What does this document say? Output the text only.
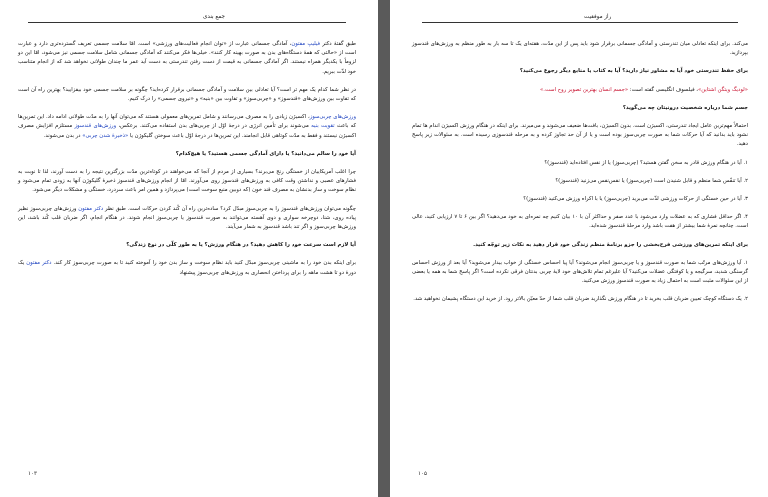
جمع بندی

طبق گفته‌ٔ دکتر فیلیپ مفتون، آمادگی جسمانی عبارت از «توان انجام فعالیت‌های ورزشی» است. امّا سلامت جسمی تعریف گسترده‌تری دارد و عبارت است از «حالتی که همهٔ دستگاه‌های بدن به صورت بهینه کار کنند». خیلی‌ها فکر می‌کنند که آمادگی جسمانی شامل سلامت جسمی نیز می‌شود، امّا این دو لزوماً با یکدیگر همراه نیستند. اگر آمادگی جسمانی به قیمت از دست رفتن تندرستی به دست آید عمر ما چندان طولانی نخواهد شد که از انجام متناسب خود لذّت ببریم.

در نظر شما کدام یک مهم تر است؟ آیا تعادلی بین سلامت و آمادگی جسمانی برقرار کرده‌اید؟ چگونه بر سلامت جسمی خود بیفزایید؟ بهترین راه آن است که تفاوت بین ورزش‌های «قندسوز» و «چربی‌سوز» و تفاوت بین «بنیه» و «نیروی جسمی» را درک کنیم.

ورزش‌های چربی‌سوز، اکسیژن زیادی را به مصرف می‌رسانند و شامل تمرین‌های معمولی هستند که می‌توان آنها را به مدّت طولانی ادامه داد. این تمرین‌ها که باعث تقویت بنیه می‌شوند برای تأمین انرژی در درجهٔ اوّل از چربی‌های بدن استفاده می‌کنند. برعکس، ورزش‌های قندسوز مستلزم افزایش مصرف اکسیژن نیستند و فقط به مدّت کوتاهی قابل انجامند. این تمرین‌ها در درجهٔ اوّل باعث سوختن گلیکوژن یا «ذخیرهٔ شدن چربی» در بدن می‌شوند.

آیا خود را سالم می‌دانید؟ یا دارای آمادگی جسمی هستید؟ یا هیچ‌کدام؟

چرا اغلب آمریکاییان از خستگی رنج می‌برند؟ بسیاری از مردم از آنجا که می‌خواهند در کوتاه‌ترین مدّت بزرگترین نتیجه را به دست آورند، لذا تا نوبت به فشارهای عصبی و نداشتن وقت کافی به ورزش‌های قندسوز روی می‌آورند. امّا از انجام ورزش‌های قندسوز ذخیرهٔ گلیکوژن آنها به زودی تمام می‌شود و نظام سوخت و ساز بدنشان به مصرف قند خون (که دوبین منبع سوخت است) می‌پردازد و همین امر باعث سردرد، خستگی و مشکلات دیگر می‌شود.

چگونه می‌توان ورزش‌های قندسوز را به چربی‌سوز مبدّل کرد؟ ساده‌ترین راه آن کُند کردن حرکات است. طبق نظر دکتر مفتون ورزش‌های چربی‌سوز نظیر پیاده روی، شنا، دوچرخه سواری و دوی آهسته می‌توانند به صورت قندسوز یا چربی‌سوز انجام شوند. در هنگام انجام، اگر ضربان قلب کُند باشد، این ورزش‌ها چربی‌سوز و اگر تند باشد قندسوز به شمار می‌آیند.

آیا لازم است سرعت خود را کاهش دهید؟ در هنگام ورزش؟ یا به طور کلّی در نوع زندگی؟

برای اینکه بدن خود را به ماشینی چربی‌سوز مبدّل کنید باید نظام سوخت و ساز بدن خود را آموخته کنید تا به صورت چربی‌سوز کار کند. دکتر مفتون یک دورهٔ دو تا هشت ماهه را برای پرداختن انحصاری به ورزش‌های چربی‌سوز پیشنهاد

۱۰۳
راز موفقیت

می‌کند. برای اینکه تعادلی میان تندرستی و آمادگی جسمانی برقرار شود باید پس از این مدّت، هفته‌ای یک تا سه بار به طور منظم به ورزش‌های قندسوز بپردازید.

برای حفظ تندرستی خود آیا به مشاور نیاز دارید؟ آیا به کتاب یا منابع دیگر رجوع می‌کنید؟

«لودیگ ویتگن اشتاین»، فیلسوف انگلیسی گفته است: «جسم انسان بهترین تصویر روح است.»

جسم شما درباره شخصیت درونیتان چه می‌گوید؟

احتمالاً مهم‌ترین عامل ایجاد تندرستی، اکسیژن است. بدون اکسیژن، بافت‌ها ضعیف می‌شوند و می‌میرند. برای اینکه در هنگام ورزش اکسیژن اندام ها تمام نشود باید بدانید که آیا حرکات شما به صورت چربی‌سوز بوده است و یا از آن حد تجاوز کرده و به مرحله قندسوزی رسیده است. به سئوالات زیر پاسخ دهید.

۱. آیا در هنگام ورزش قادر به سخن گفتن هستید؟ (چربی‌سوز) یا از نفس افتاده‌اید (قندسوز)؟

۲. آیا تنفّس شما منظم و قابل شنیدن است (چربی‌سوز) یا نفس‌نفس می‌زنید (قندسوز)؟

۳. آیا در حین خستگی از حرکات ورزشی لذّت می‌برید (چربی‌سوز) یا با اکراه ورزش می‌کنید (قندسوز)؟

۴. اگر حداقل فشاری که به عضلات وارد می‌شود با عدد صفر و حداکثر آن با ۱۰ بیان کنیم چه نمره‌ای به خود می‌دهید؟ اگر بین ۶ تا ۷ ارزیابی کنید، عالی است. چنانچه نمرهٔ شما بیشتر از هفت باشد وارد مرحلهٔ قندسوز شده‌اید.

برای اینکه تمرین‌های ورزشی فرح‌بخشی را جزو برنامهٔ منظم زندگی خود قرار دهید به نکات زیر توجّه کنید.

۱. آیا ورزش‌های مرتّب شما به صورت قندسوز و یا چربی‌سوز انجام می‌شوند؟ آیا پیا احساس خستگی از خواب بیدار می‌شوید؟ آیا بعد از ورزش احساس گرسنگی شدید، سرگیجه و یا کوفتگی عضلات می‌کنید؟ آیا علیرغم تمام تلاش‌های خود لایهٔ چربی بدنتان فرقی نکرده است؟ اگر پاسخ شما به همه یا بعضی از این سئوالات مثبت است به احتمال زیاد به صورت قندسوز ورزش می‌کنید.

۲. یک دستگاه کوچک تعیین ضربان قلب بخرید تا در هنگام ورزش نگذارید ضربان قلب شما از حدّ معیّن بالاتر رود. از خرید این دستگاه پشیمان نخواهید شد.

۱۰۵
